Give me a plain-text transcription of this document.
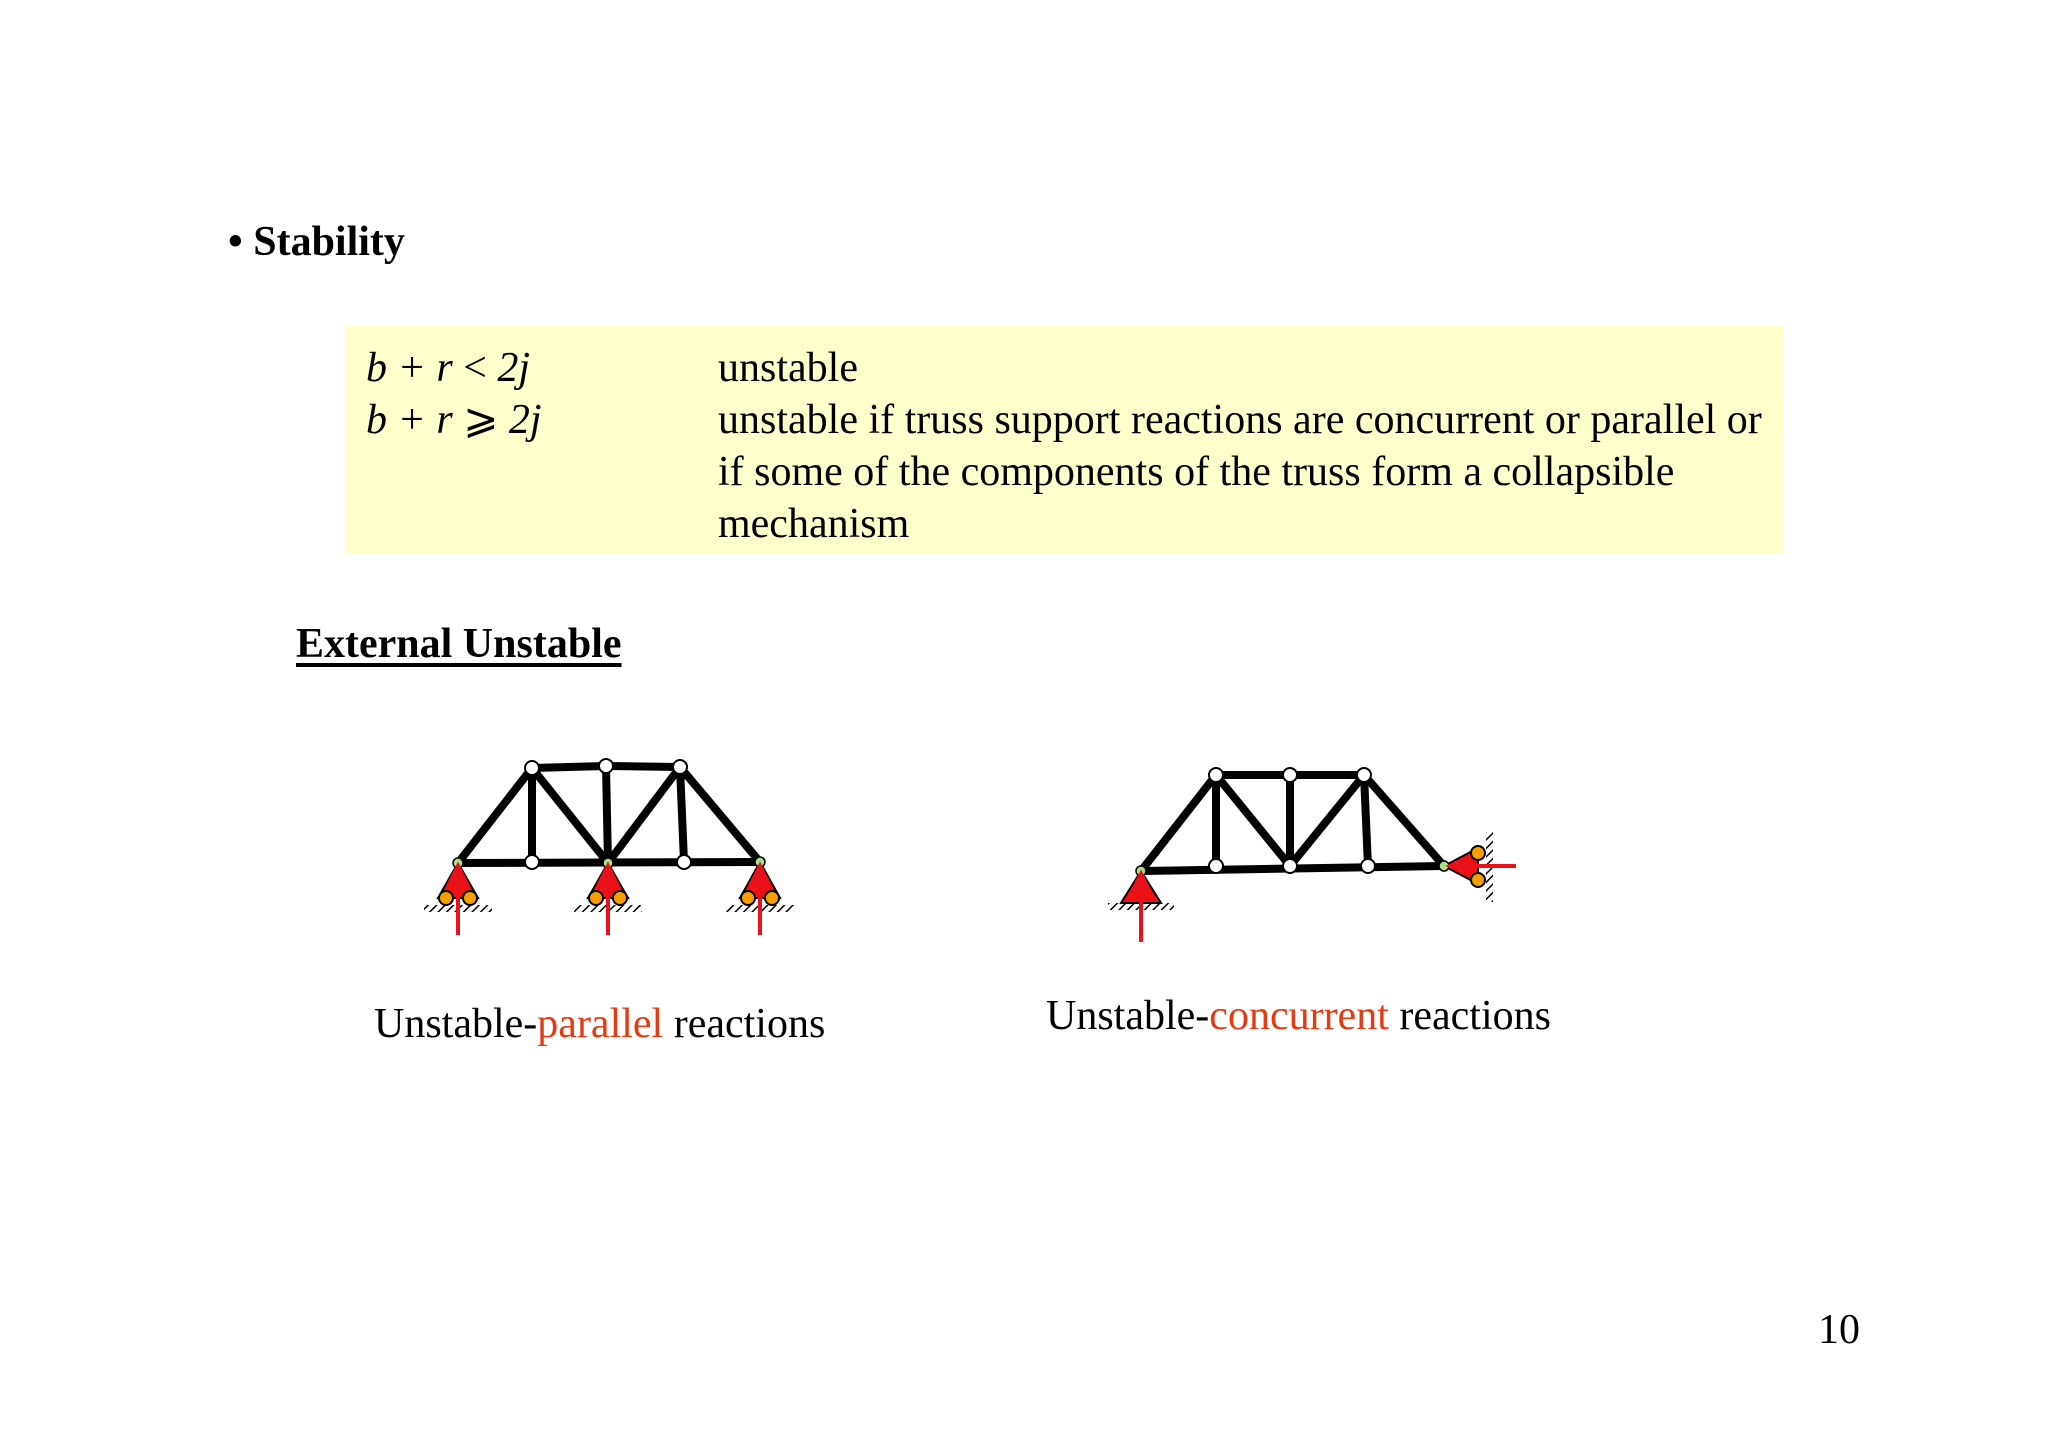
• Stability
b + r < 2j	unstable
b + r ⩾ 2j	unstable if truss support reactions are concurrent or parallel or if some of the components of the truss form a collapsible mechanism
External Unstable
Unstable-parallel reactions	Unstable-concurrent reactions
10
